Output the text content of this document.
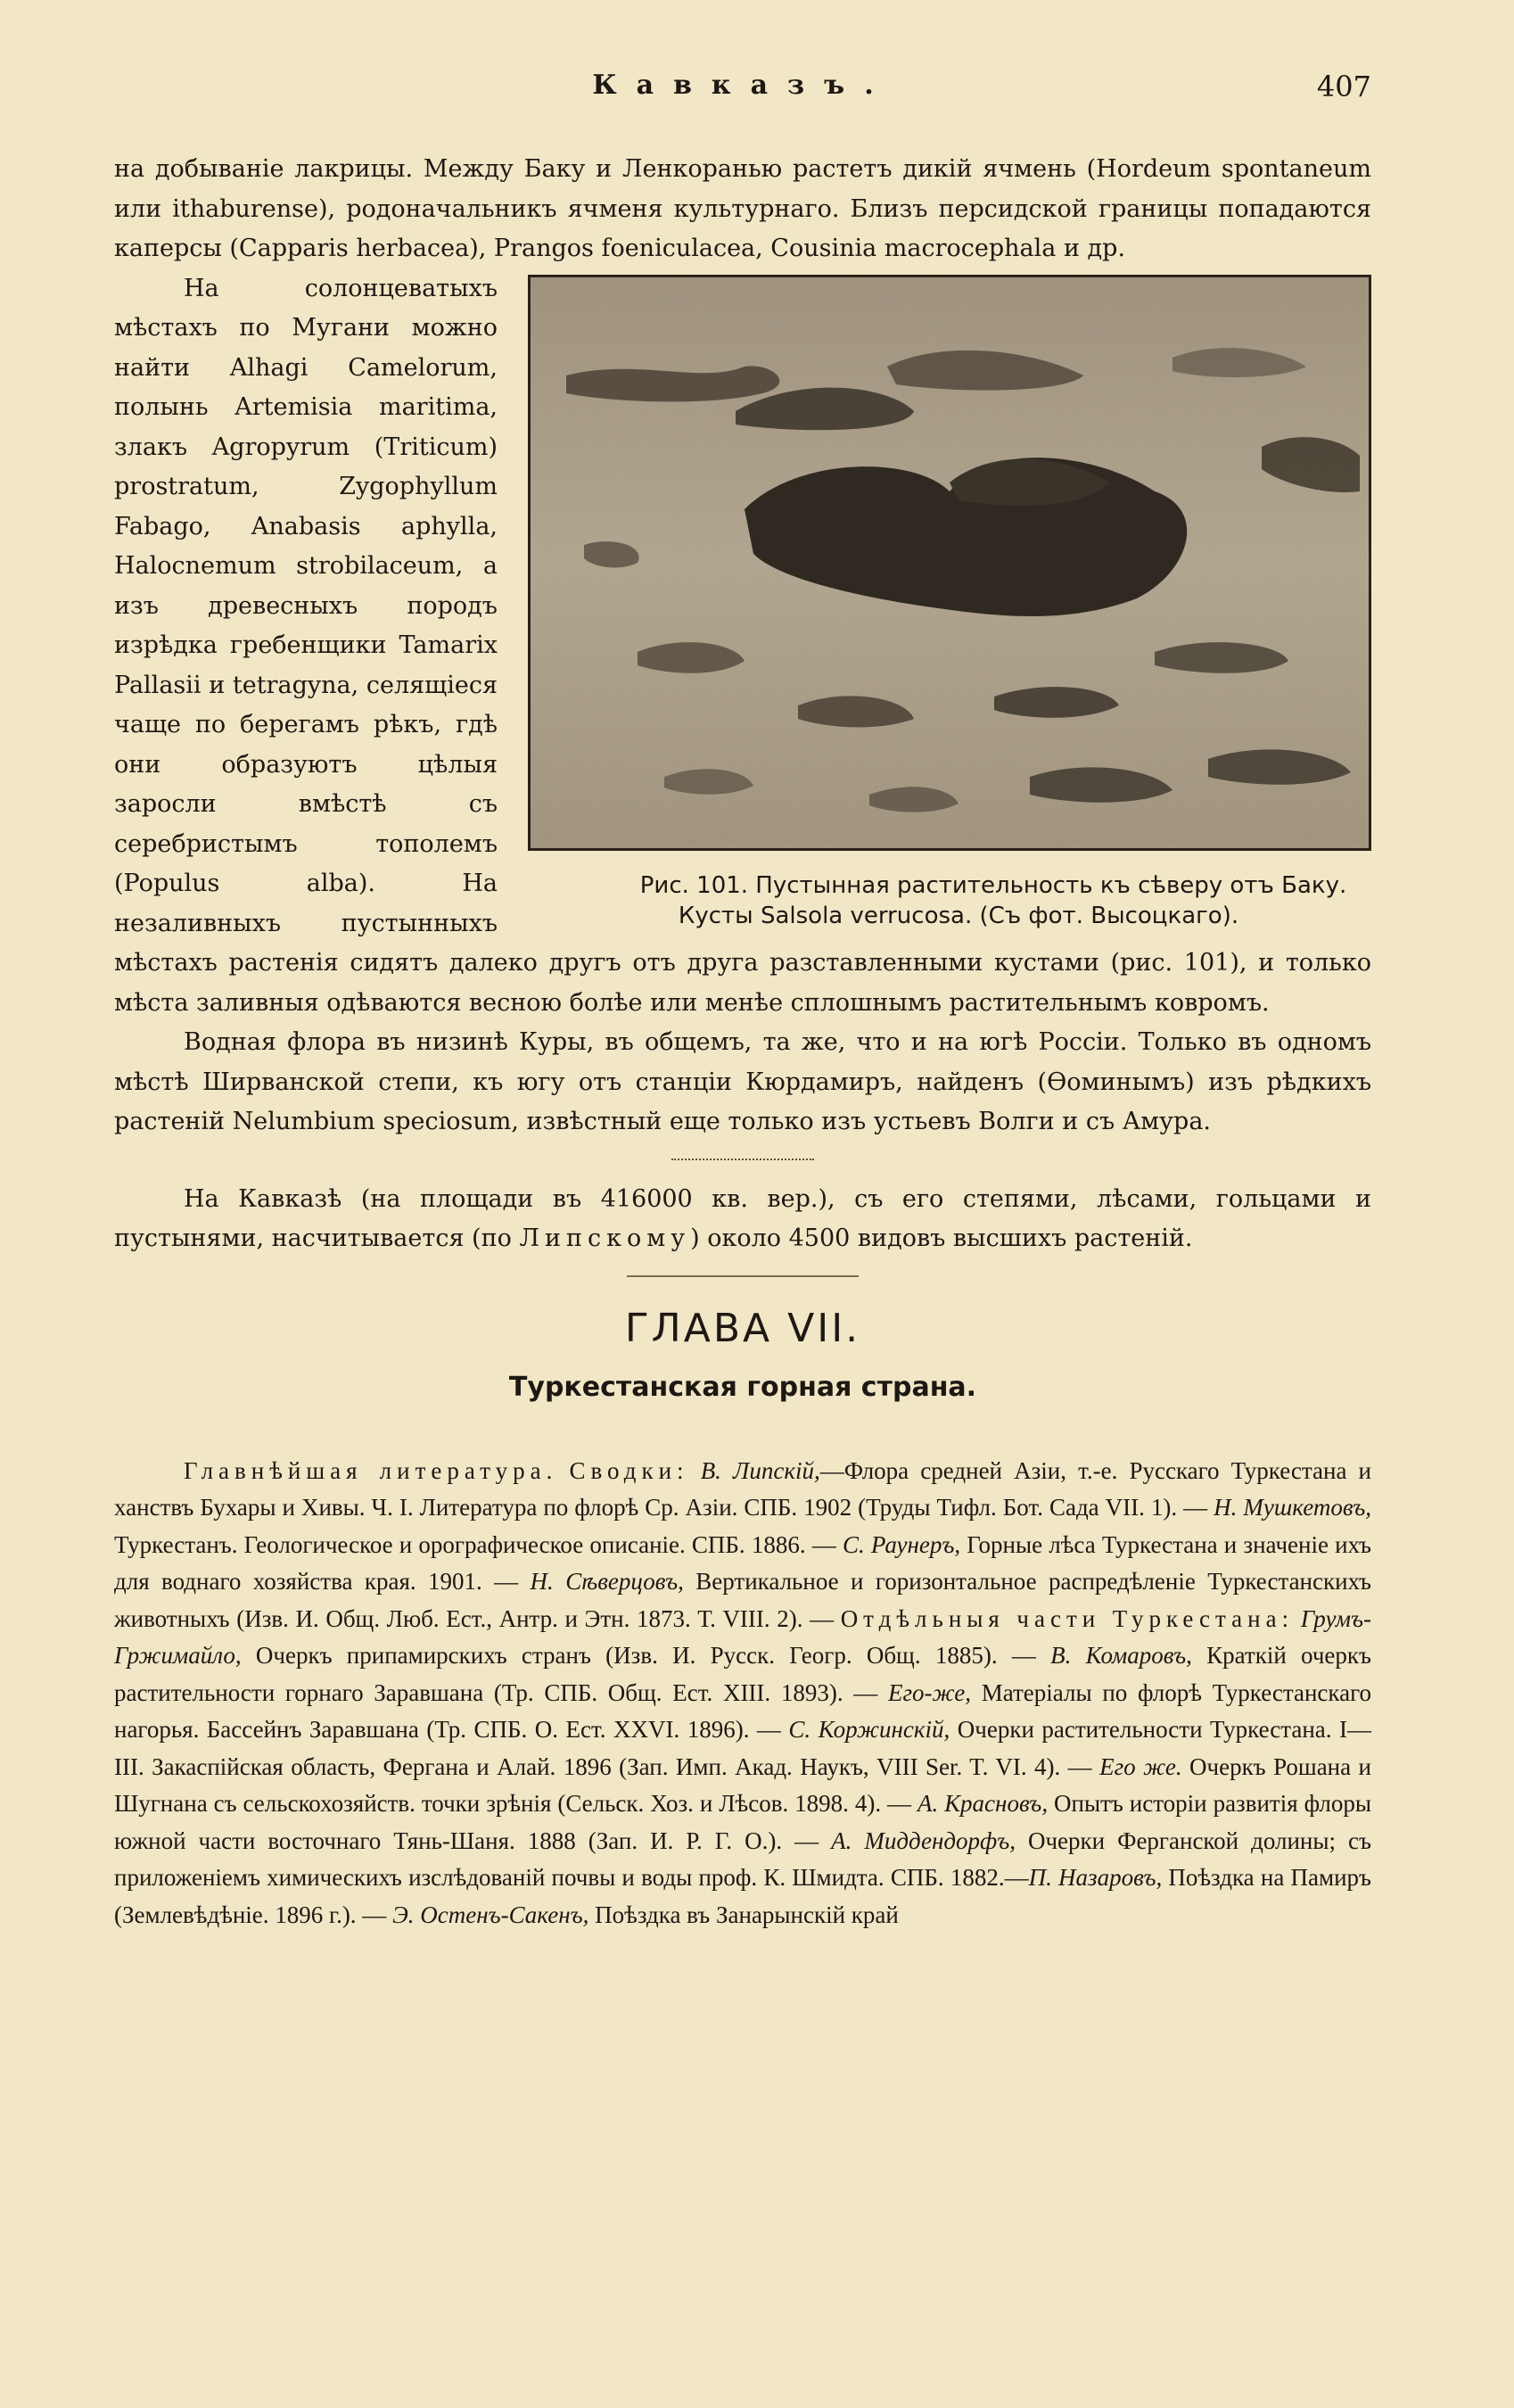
Кавказъ.	407

на добываніе лакрицы. Между Баку и Ленкоранью растетъ дикій ячмень (Hordeum spontaneum или ithaburense), родоначальникъ ячменя культурнаго. Близъ персидской границы попадаются каперсы (Capparis herbacea), Prangos foeniculacea, Cousinia macrocephala и др.

Рис. 101. Пустынная растительность къ сѣверу отъ Баку.
Кусты Salsola verrucosa. (Съ фот. Высоцкаго).
На солонцеватыхъ мѣстахъ по Мугани можно найти Alhagi Camelorum, полынь Artemisia maritima, злакъ Agropyrum (Triticum) prostratum, Zygophyllum Fabago, Anabasis aphylla, Halocnemum strobilaceum, а изъ древесныхъ породъ изрѣдка гребенщики Tamarix Pallasii и tetragyna, селящіеся чаще по берегамъ рѣкъ, гдѣ они образуютъ цѣлыя заросли вмѣстѣ съ серебристымъ тополемъ (Populus alba). На незаливныхъ пустынныхъ мѣстахъ растенія сидятъ далеко другъ отъ друга разставленными кустами (рис. 101), и только мѣста заливныя одѣваются весною болѣе или менѣе сплошнымъ растительнымъ ковромъ.

Водная флора въ низинѣ Куры, въ общемъ, та же, что и на югѣ Россіи. Только въ одномъ мѣстѣ Ширванской степи, къ югу отъ станціи Кюрдамиръ, найденъ (Ѳоминымъ) изъ рѣдкихъ растеній Nelumbium speciosum, извѣстный еще только изъ устьевъ Волги и съ Амура.

На Кавказѣ (на площади въ 416000 кв. вер.), съ его степями, лѣсами, гольцами и пустынями, насчитывается (по Липскому) около 4500 видовъ высшихъ растеній.

ГЛАВА VII.
Туркестанская горная страна.

Главнѣйшая литература. Сводки: В. Липскій,—Флора средней Азіи, т.-е. Русскаго Туркестана и ханствъ Бухары и Хивы. Ч. I. Литература по флорѣ Ср. Азіи. СПБ. 1902 (Труды Тифл. Бот. Сада VII. 1). — Н. Мушкетовъ, Туркестанъ. Геологическое и орографическое описаніе. СПБ. 1886. — С. Раунеръ, Горные лѣса Туркестана и значеніе ихъ для воднаго хозяйства края. 1901. — Н. Сѣверцовъ, Вертикальное и горизонтальное распредѣленіе Туркестанскихъ животныхъ (Изв. И. Общ. Люб. Ест., Антр. и Этн. 1873. Т. VIII. 2). — Отдѣльныя части Туркестана: Грумъ-Гржимайло, Очеркъ припамирскихъ странъ (Изв. И. Русск. Геогр. Общ. 1885). — В. Комаровъ, Краткій очеркъ растительности горнаго Заравшана (Тр. СПБ. Общ. Ест. XIII. 1893). — Его-же, Матеріалы по флорѣ Туркестанскаго нагорья. Бассейнъ Заравшана (Тр. СПБ. О. Ест. XXVI. 1896). — С. Коржинскій, Очерки растительности Туркестана. I—III. Закаспійская область, Фергана и Алай. 1896 (Зап. Имп. Акад. Наукъ, VIII Ser. T. VI. 4). — Его же. Очеркъ Рошана и Шугнана съ сельскохозяйств. точки зрѣнія (Сельск. Хоз. и Лѣсов. 1898. 4). — А. Красновъ, Опытъ исторіи развитія флоры южной части восточнаго Тянь-Шаня. 1888 (Зап. И. Р. Г. О.). — А. Миддендорфъ, Очерки Ферганской долины; съ приложеніемъ химическихъ изслѣдованій почвы и воды проф. К. Шмидта. СПБ. 1882.—П. Назаровъ, Поѣздка на Памиръ (Землевѣдѣніе. 1896 г.). — Э. Остенъ-Сакенъ, Поѣздка въ Занарынскій край
